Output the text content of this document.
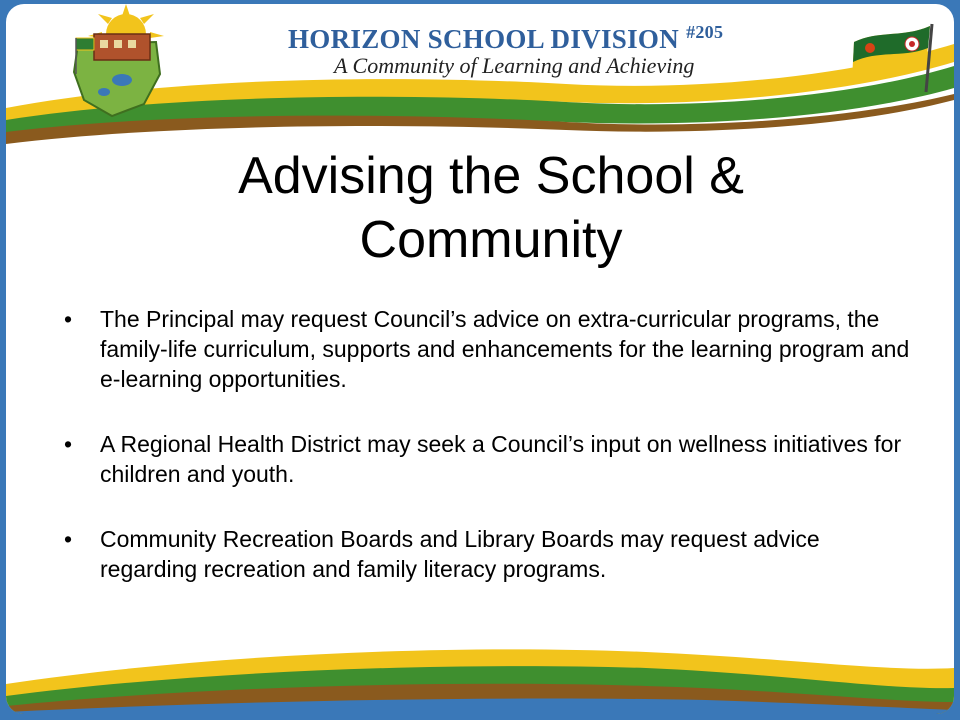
HORIZON SCHOOL DIVISION $^{\#205}$
A Community of Learning and Achieving
Advising the School &
Community
• The Principal may request Council’s advice on extra-curricular programs, the family-life curriculum, supports and enhancements for the learning program and e-learning opportunities.
• A Regional Health District may seek a Council’s input on wellness initiatives for children and youth.
• Community Recreation Boards and Library Boards may request advice regarding recreation and family literacy programs.
